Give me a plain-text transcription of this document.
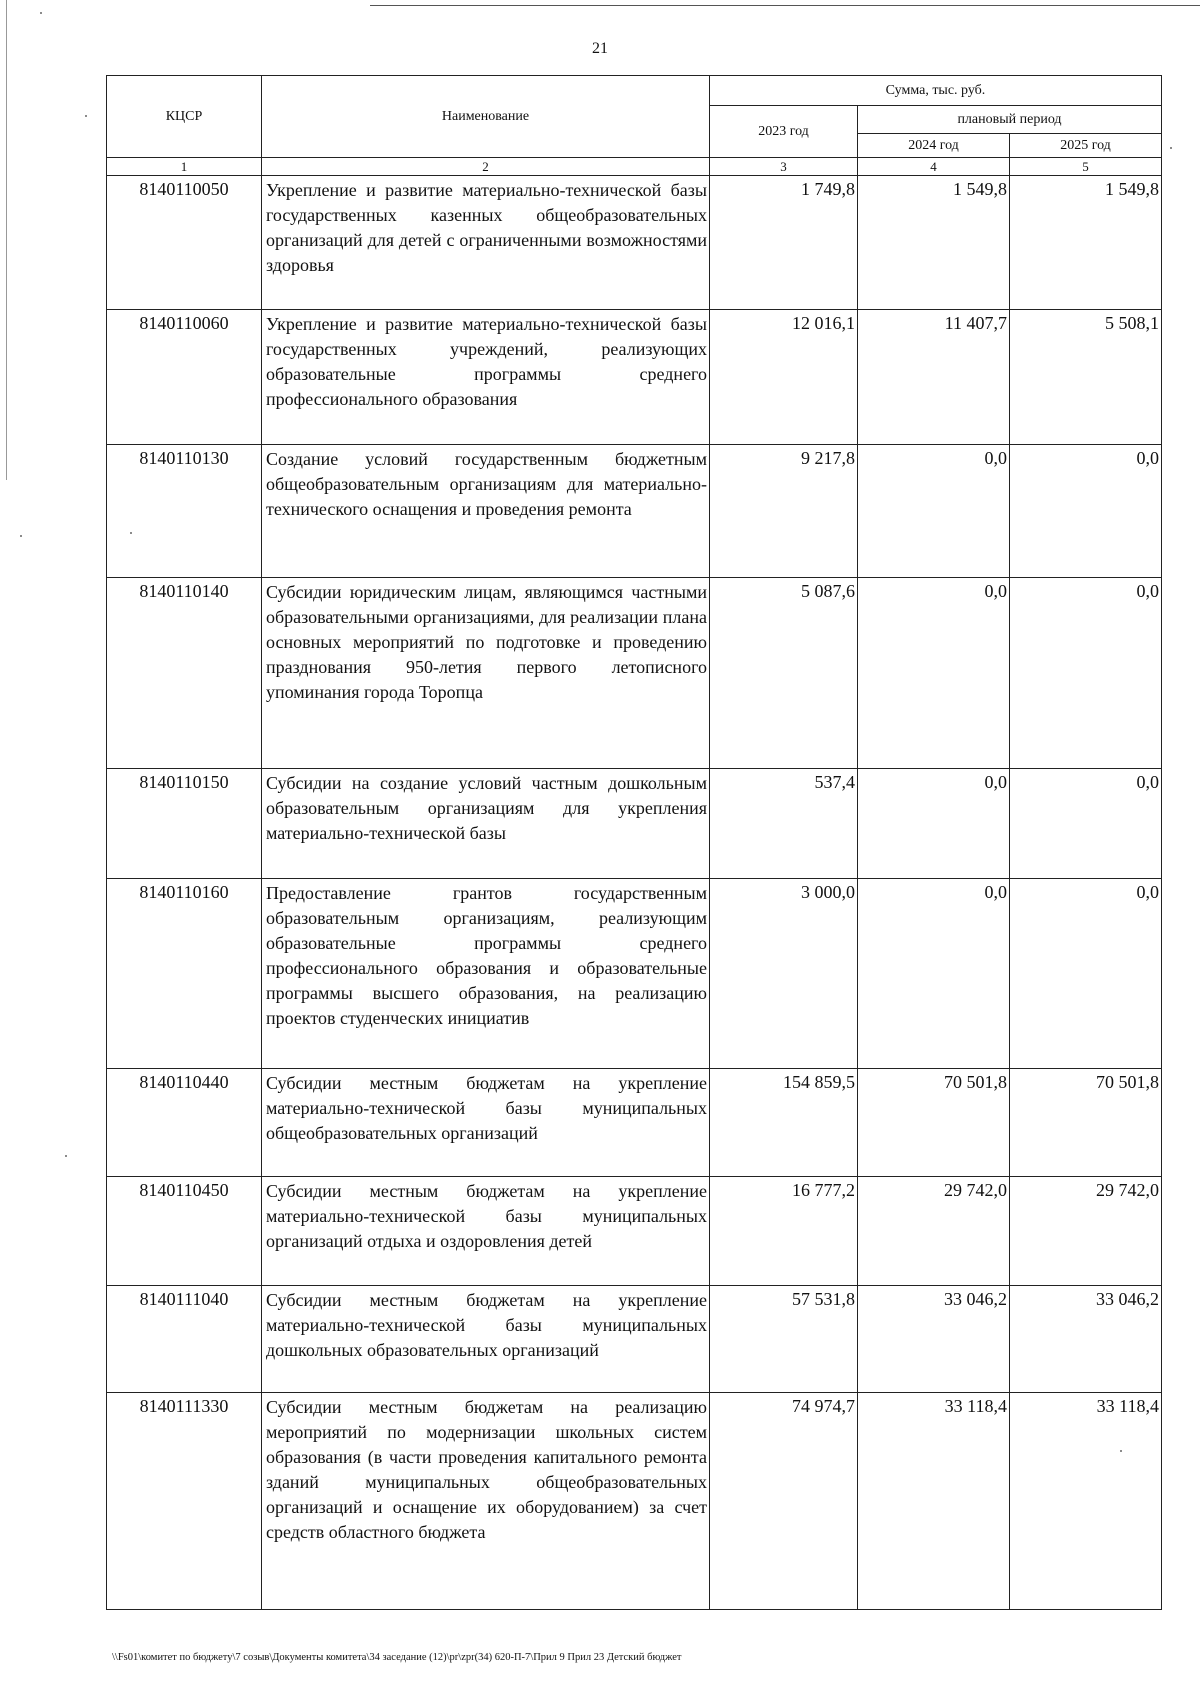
21
КЦСР	Наименование	Сумма, тыс. руб.		
		2023 год	плановый период	
			2024 год	2025 год
1	2	3	4	5
8140110050	Укрепление и развитие материально-технической базы государственных казенных общеобразовательных организаций для детей с ограниченными возможностями здоровья	1 749,8	1 549,8	1 549,8
8140110060	Укрепление и развитие материально-технической базы государственных учреждений, реализующих образовательные программы среднего профессионального образования	12 016,1	11 407,7	5 508,1
8140110130	Создание условий государственным бюджетным общеобразовательным организациям для материально-технического оснащения и проведения ремонта	9 217,8	0,0	0,0
8140110140	Субсидии юридическим лицам, являющимся частными образовательными организациями, для реализации плана основных мероприятий по подготовке и проведению празднования 950-летия первого летописного упоминания города Торопца	5 087,6	0,0	0,0
8140110150	Субсидии на создание условий частным дошкольным образовательным организациям для укрепления материально-технической базы	537,4	0,0	0,0
8140110160	Предоставление грантов государственным образовательным организациям, реализующим образовательные программы среднего профессионального образования и образовательные программы высшего образования, на реализацию проектов студенческих инициатив	3 000,0	0,0	0,0
8140110440	Субсидии местным бюджетам на укрепление материально-технической базы муниципальных общеобразовательных организаций	154 859,5	70 501,8	70 501,8
8140110450	Субсидии местным бюджетам на укрепление материально-технической базы муниципальных организаций отдыха и оздоровления детей	16 777,2	29 742,0	29 742,0
8140111040	Субсидии местным бюджетам на укрепление материально-технической базы муниципальных дошкольных образовательных организаций	57 531,8	33 046,2	33 046,2
8140111330	Субсидии местным бюджетам на реализацию мероприятий по модернизации школьных систем образования (в части проведения капитального ремонта зданий муниципальных общеобразовательных организаций и оснащение их оборудованием) за счет средств областного бюджета	74 974,7	33 118,4	33 118,4
\\Fs01\комитет по бюджету\7 созыв\Документы комитета\34 заседание (12)\pr\zpr(34) 620-П-7\Прил 9 Прил 23 Детский бюджет
